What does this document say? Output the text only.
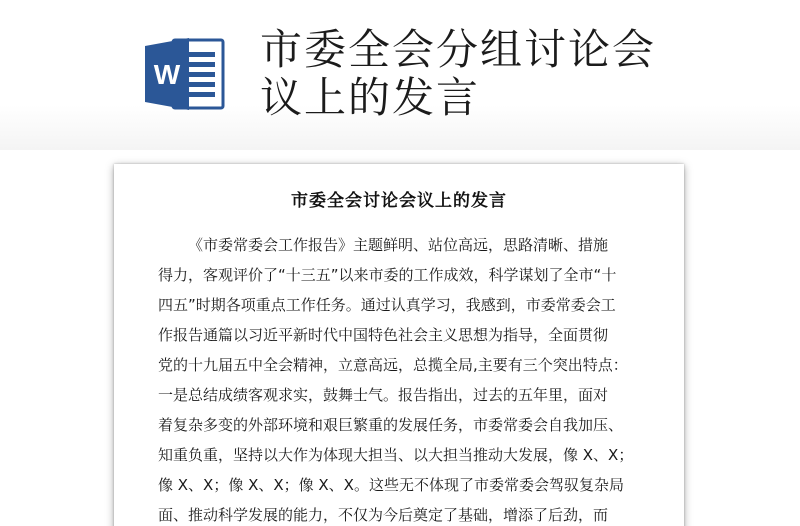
W
市委全会分组讨论会
议上的发言
市委全会讨论会议上的发言
《市委常委会工作报告》主题鲜明、站位高远，思路清晰、措施
得力，客观评价了“十三五”以来市委的工作成效，科学谋划了全市“十
四五”时期各项重点工作任务。通过认真学习，我感到，市委常委会工
作报告通篇以习近平新时代中国特色社会主义思想为指导，全面贯彻
党的十九届五中全会精神，立意高远，总揽全局,主要有三个突出特点：
一是总结成绩客观求实，鼓舞士气。报告指出，过去的五年里，面对
着复杂多变的外部环境和艰巨繁重的发展任务，市委常委会自我加压、
知重负重，坚持以大作为体现大担当、以大担当推动大发展，像 X、X；
像 X、X；像 X、X；像 X、X。这些无不体现了市委常委会驾驭复杂局
面、推动科学发展的能力，不仅为今后奠定了基础，增添了后劲，而
